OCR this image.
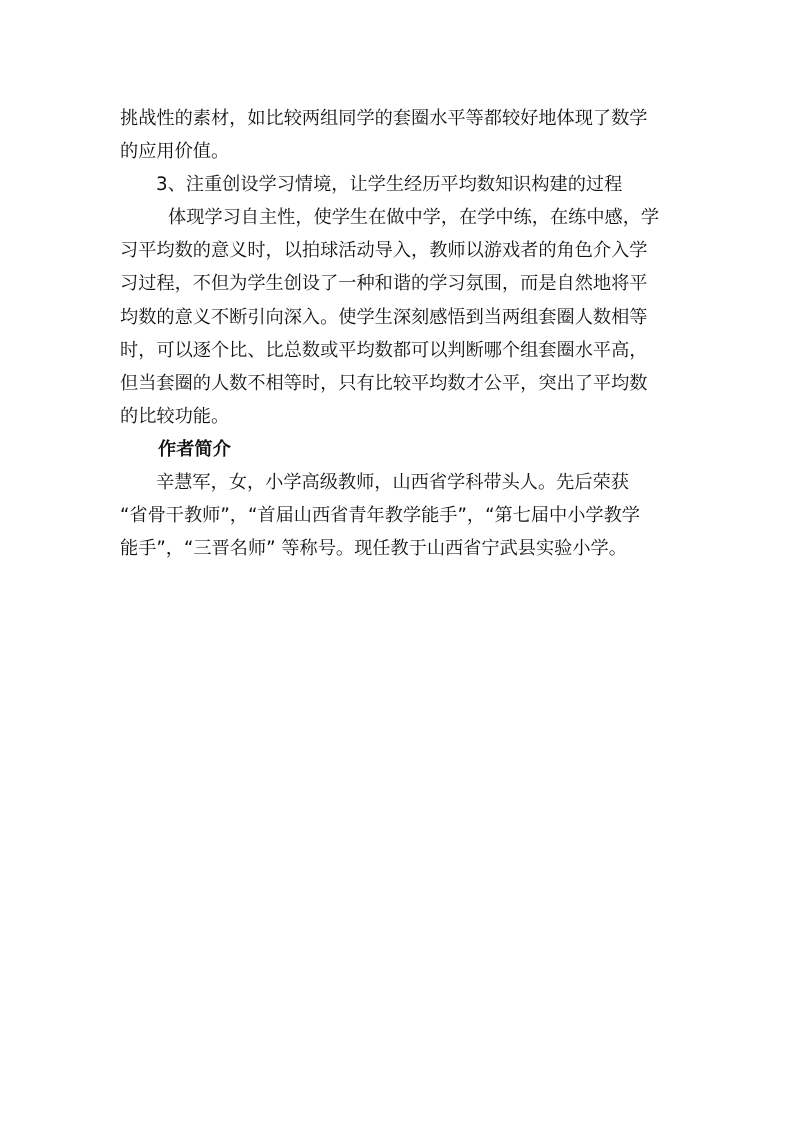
挑战性的素材，如比较两组同学的套圈水平等都较好地体现了数学
的应用价值。
3、注重创设学习情境，让学生经历平均数知识构建的过程
体现学习自主性，使学生在做中学，在学中练，在练中感，学
习平均数的意义时，以拍球活动导入，教师以游戏者的角色介入学
习过程，不但为学生创设了一种和谐的学习氛围，而是自然地将平
均数的意义不断引向深入。使学生深刻感悟到当两组套圈人数相等
时，可以逐个比、比总数或平均数都可以判断哪个组套圈水平高，
但当套圈的人数不相等时，只有比较平均数才公平，突出了平均数
的比较功能。
作者简介
辛慧军，女，小学高级教师，山西省学科带头人。先后荣获
“省骨干教师”，“首届山西省青年教学能手”，“第七届中小学教学
能手”，“三晋名师” 等称号。现任教于山西省宁武县实验小学。
